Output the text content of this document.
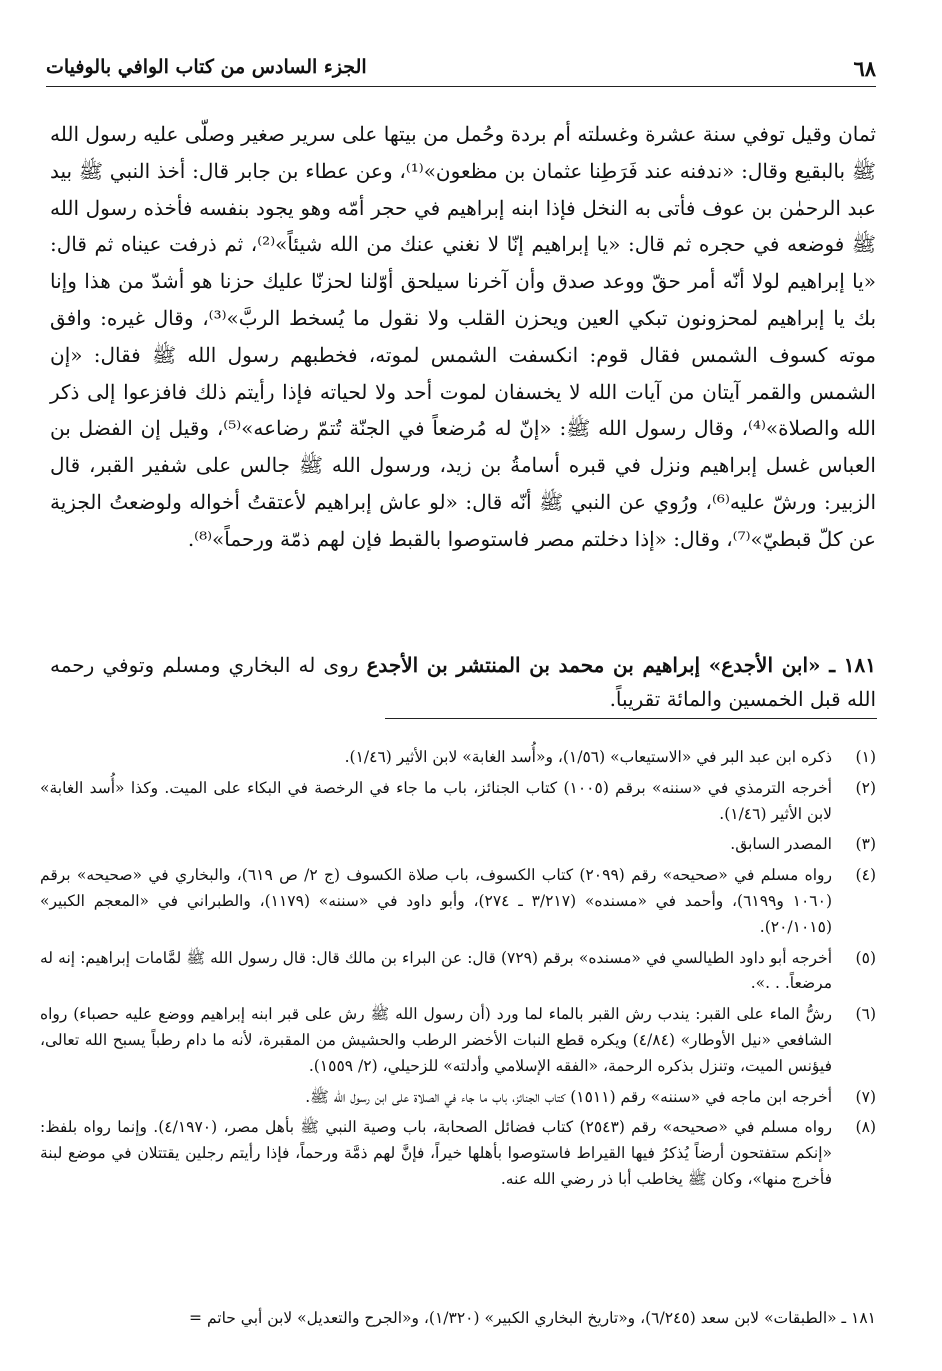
٦٨
الجزء السادس من كتاب الوافي بالوفيات

ثمان وقيل توفي سنة عشرة وغسلته أم بردة وحُمل من بيتها على سرير صغير وصلّى عليه رسول الله ﷺ بالبقيع وقال: «ندفنه عند فَرَطِنا عثمان بن مظعون»⁽¹⁾، وعن عطاء بن جابر قال: أخذ النبي ﷺ بيد عبد الرحمٰن بن عوف فأتى به النخل فإذا ابنه إبراهيم في حجر أمّه وهو يجود بنفسه فأخذه رسول الله ﷺ فوضعه في حجره ثم قال: «يا إبراهيم إنّا لا نغني عنك من الله شيئاً»⁽²⁾، ثم ذرفت عيناه ثم قال: «يا إبراهيم لولا أنّه أمر حقّ ووعد صدق وأن آخرنا سيلحق أوّلنا لحزنّا عليك حزنا هو أشدّ من هذا وإنا بك يا إبراهيم لمحزونون تبكي العين ويحزن القلب ولا نقول ما يُسخط الربَّ»⁽³⁾، وقال غيره: وافق موته كسوف الشمس فقال قوم: انكسفت الشمس لموته، فخطبهم رسول الله ﷺ فقال: «إن الشمس والقمر آيتان من آيات الله لا يخسفان لموت أحد ولا لحياته فإذا رأيتم ذلك فافزعوا إلى ذكر الله والصلاة»⁽⁴⁾، وقال رسول الله ﷺ: «إنّ له مُرضعاً في الجنّة تُتمّ رضاعه»⁽⁵⁾، وقيل إن الفضل بن العباس غسل إبراهيم ونزل في قبره أسامةُ بن زيد، ورسول الله ﷺ جالس على شفير القبر، قال الزبير: ورشّ عليه⁽⁶⁾، ورُوي عن النبي ﷺ أنّه قال: «لو عاش إبراهيم لأعتقتُ أخواله ولوضعتُ الجزية عن كلّ قبطيّ»⁽⁷⁾، وقال: «إذا دخلتم مصر فاستوصوا بالقبط فإن لهم ذمّة ورحماً»⁽⁸⁾.

١٨١ ـ «ابن الأجدع» إبراهيم بن محمد بن المنتشر بن الأجدع روى له البخاري ومسلم وتوفي رحمه الله قبل الخمسين والمائة تقريباً.
(١)
ذكره ابن عبد البر في «الاستيعاب» (١/٥٦)، و«أُسد الغابة» لابن الأثير (١/٤٦).
(٢)
أخرجه الترمذي في «سننه» برقم (١٠٠٥) كتاب الجنائز، باب ما جاء في الرخصة في البكاء على الميت. وكذا «أُسد الغابة» لابن الأثير (١/٤٦).
(٣)
المصدر السابق.
(٤)
رواه مسلم في «صحيحه» رقم (٢٠٩٩) كتاب الكسوف، باب صلاة الكسوف (ج ٢/ ص ٦١٩)، والبخاري في «صحيحه» برقم (١٠٦٠ و٦١٩٩)، وأحمد في «مسنده» (٣/٢١٧ ـ ٢٧٤)، وأبو داود في «سننه» (١١٧٩)، والطبراني في «المعجم الكبير» (٢٠/١٠١٥).
(٥)
أخرجه أبو داود الطيالسي في «مسنده» برقم (٧٢٩) قال: عن البراء بن مالك قال: قال رسول الله ﷺ لمَّامات إبراهيم: إنه له مرضعاً. . .».
(٦)
رشُّ الماء على القبر: يندب رش القبر بالماء لما ورد (أن رسول الله ﷺ رش على قبر ابنه إبراهيم ووضع عليه حصباء) رواه الشافعي «نيل الأوطار» (٤/٨٤) ويكره قطع النبات الأخضر الرطب والحشيش من المقبرة، لأنه ما دام رطباً يسبح الله تعالى، فيؤنس الميت، وتنزل بذكره الرحمة، «الفقه الإسلامي وأدلته» للزحيلي، (٢/ ١٥٥٩).
(٧)
أخرجه ابن ماجه في «سننه» رقم (١٥١١) كتاب الجنائز، باب ما جاء في الصلاة على ابن رسول الله ﷺ.
(٨)
رواه مسلم في «صحيحه» رقم (٢٥٤٣) كتاب فضائل الصحابة، باب وصية النبي ﷺ بأهل مصر، (٤/١٩٧٠). وإنما رواه بلفظ: «إنكم ستفتحون أرضاً يُذكرُ فيها القيراط فاستوصوا بأهلها خيراً، فإنَّ لهم ذمَّة ورحماً، فإذا رأيتم رجلين يقتتلان في موضع لبنة فأخرج منها»، وكان ﷺ يخاطب أبا ذر رضي الله عنه.
١٨١ ـ «الطبقات» لابن سعد (٦/٢٤٥)، و«تاريخ البخاري الكبير» (١/٣٢٠)، و«الجرح والتعديل» لابن أبي حاتم =
